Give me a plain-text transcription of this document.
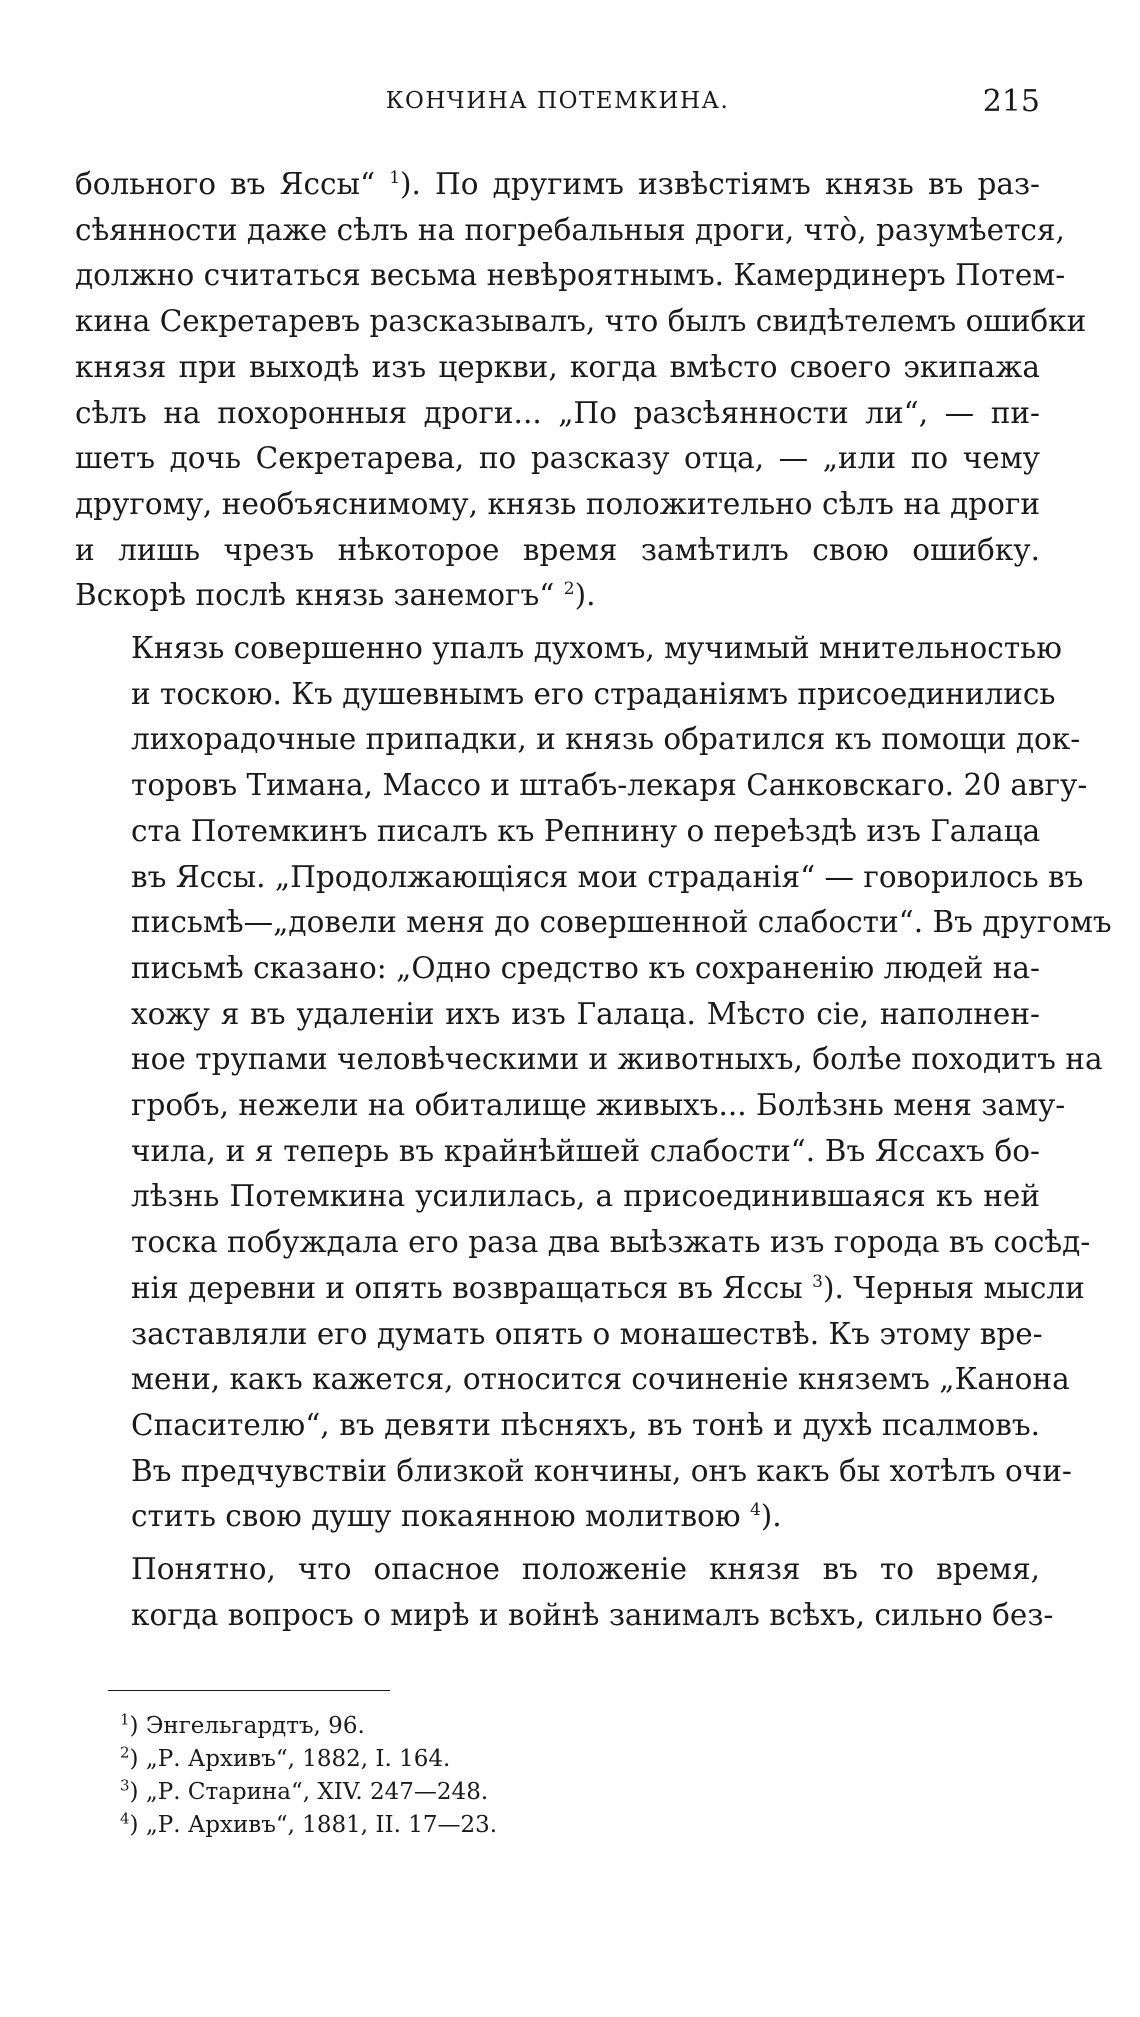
КОНЧИНА ПОТЕМКИНА.	215

больного въ Яссы“ $^1$). По другимъ извѣстіямъ князь въ раз-
сѣянности даже сѣлъ на погребальныя дроги, что̀, разумѣется,
должно считаться весьма невѣроятнымъ. Камердинеръ Потем-
кина Секретаревъ разсказывалъ, что былъ свидѣтелемъ ошибки
князя при выходѣ изъ церкви, когда вмѣсто своего экипажа
сѣлъ на похоронныя дроги... „По разсѣянности ли“, — пи-
шетъ дочь Секретарева, по разсказу отца, — „или по чему
другому, необъяснимому, князь положительно сѣлъ на дроги
и лишь чрезъ нѣкоторое время замѣтилъ свою ошибку.
Вскорѣ послѣ князь занемогъ“ $^2$).

Князь совершенно упалъ духомъ, мучимый мнительностью
и тоскою. Къ душевнымъ его страданіямъ присоединились
лихорадочные припадки, и князь обратился къ помощи док-
торовъ Тимана, Массо и штабъ-лекаря Санковскаго. 20 авгу-
ста Потемкинъ писалъ къ Репнину о переѣздѣ изъ Галаца
въ Яссы. „Продолжающіяся мои страданія“ — говорилось въ
письмѣ—„довели меня до совершенной слабости“. Въ другомъ
письмѣ сказано: „Одно средство къ сохраненію людей на-
хожу я въ удаленіи ихъ изъ Галаца. Мѣсто сіе, наполнен-
ное трупами человѣческими и животныхъ, болѣе походитъ на
гробъ, нежели на обиталище живыхъ... Болѣзнь меня заму-
чила, и я теперь въ крайнѣйшей слабости“. Въ Яссахъ бо-
лѣзнь Потемкина усилилась, а присоединившаяся къ ней
тоска побуждала его раза два выѣзжать изъ города въ сосѣд-
нія деревни и опять возвращаться въ Яссы $^3$). Черныя мысли
заставляли его думать опять о монашествѣ. Къ этому вре-
мени, какъ кажется, относится сочиненіе княземъ „Канона
Спасителю“, въ девяти пѣсняхъ, въ тонѣ и духѣ псалмовъ.
Въ предчувствіи близкой кончины, онъ какъ бы хотѣлъ очи-
стить свою душу покаянною молитвою $^4$).

Понятно, что опасное положеніе князя въ то время,
когда вопросъ о мирѣ и войнѣ занималъ всѣхъ, сильно без-

$^1$) Энгельгардтъ, 96.
$^2$) „Р. Архивъ“, 1882, I. 164.
$^3$) „Р. Старина“, XIV. 247—248.
$^4$) „Р. Архивъ“, 1881, II. 17—23.
